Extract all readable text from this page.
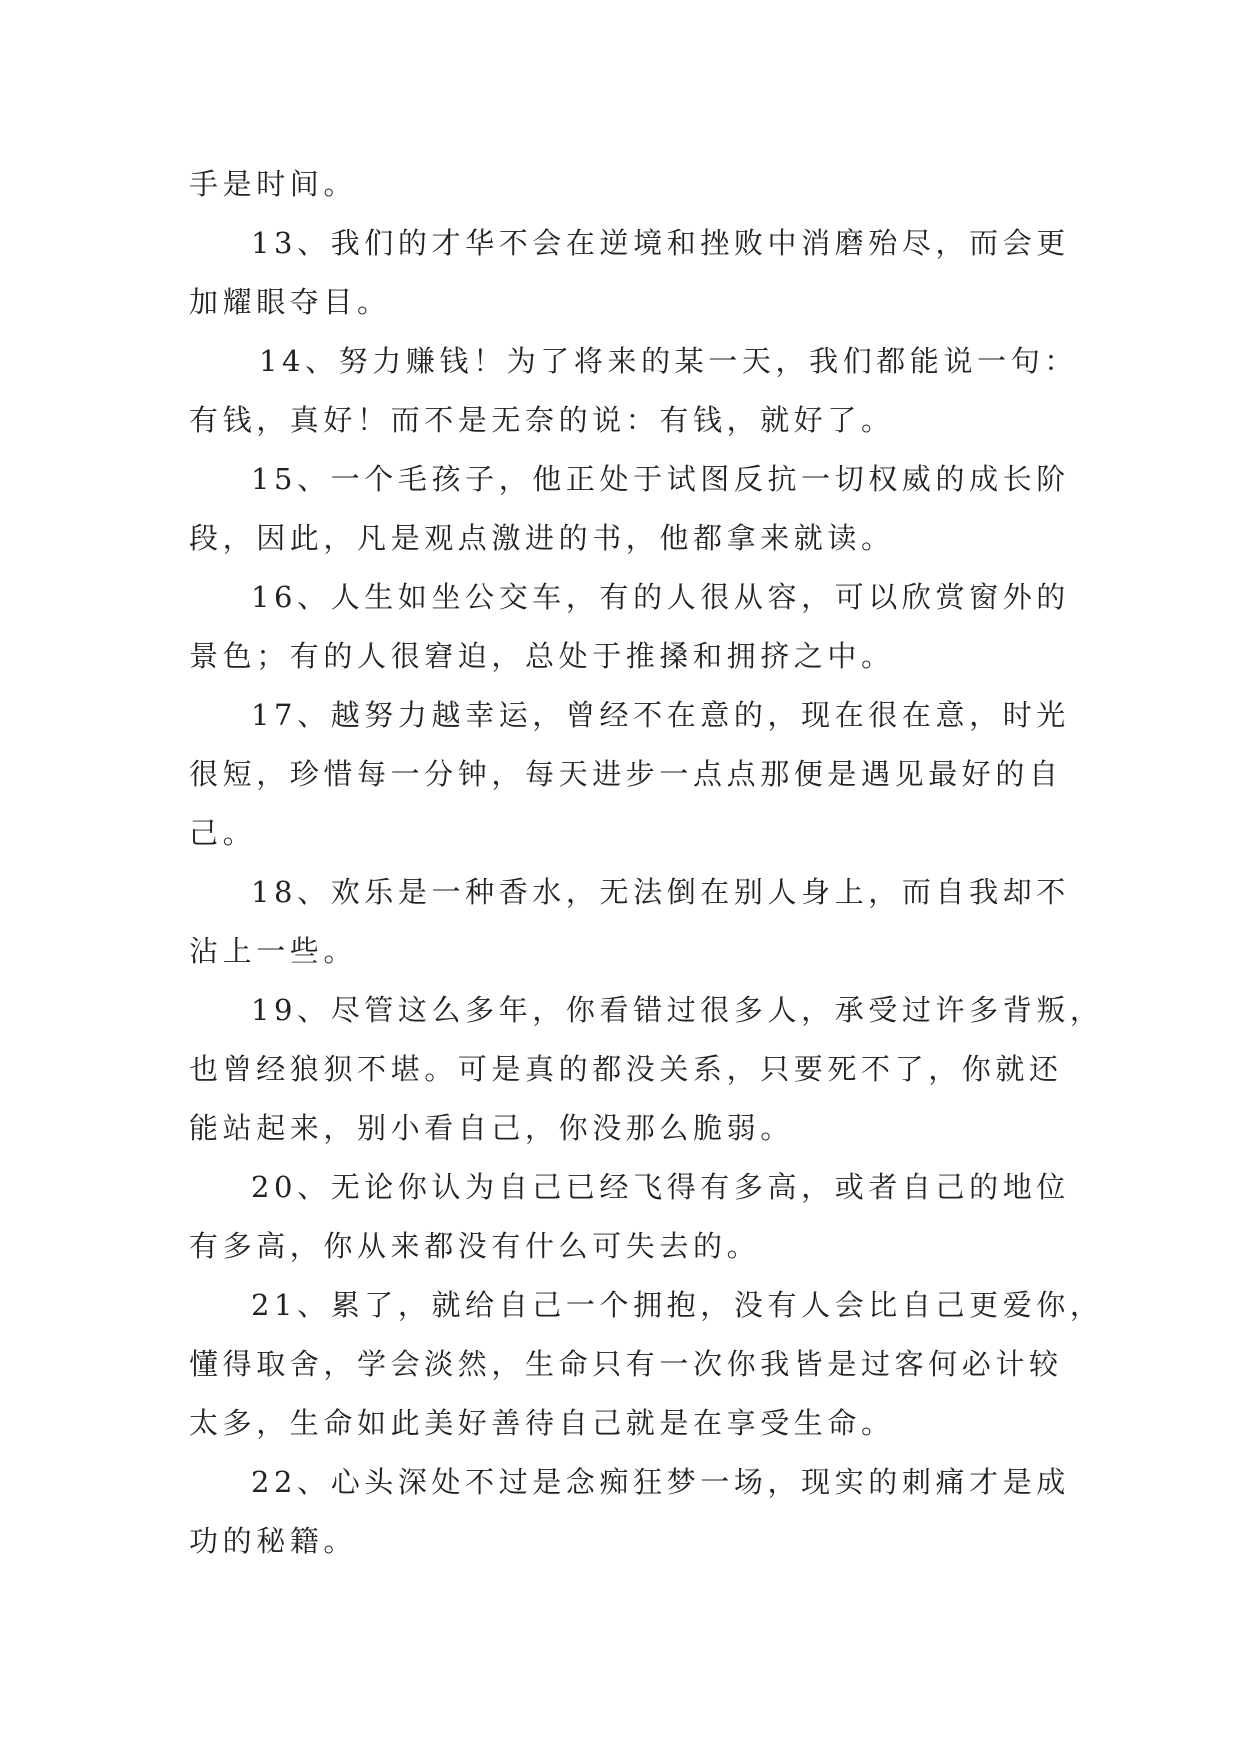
手是时间。

13、我们的才华不会在逆境和挫败中消磨殆尽，而会更
加耀眼夺目。

14、努力赚钱！为了将来的某一天，我们都能说一句：
有钱，真好！而不是无奈的说：有钱，就好了。

15、一个毛孩子，他正处于试图反抗一切权威的成长阶
段，因此，凡是观点激进的书，他都拿来就读。

16、人生如坐公交车，有的人很从容，可以欣赏窗外的
景色；有的人很窘迫，总处于推搡和拥挤之中。

17、越努力越幸运，曾经不在意的，现在很在意，时光
很短，珍惜每一分钟，每天进步一点点那便是遇见最好的自
己。

18、欢乐是一种香水，无法倒在别人身上，而自我却不
沾上一些。

19、尽管这么多年，你看错过很多人，承受过许多背叛，
也曾经狼狈不堪。可是真的都没关系，只要死不了，你就还
能站起来，别小看自己，你没那么脆弱。

20、无论你认为自己已经飞得有多高，或者自己的地位
有多高，你从来都没有什么可失去的。

21、累了，就给自己一个拥抱，没有人会比自己更爱你，
懂得取舍，学会淡然，生命只有一次你我皆是过客何必计较
太多，生命如此美好善待自己就是在享受生命。

22、心头深处不过是念痴狂梦一场，现实的刺痛才是成
功的秘籍。
